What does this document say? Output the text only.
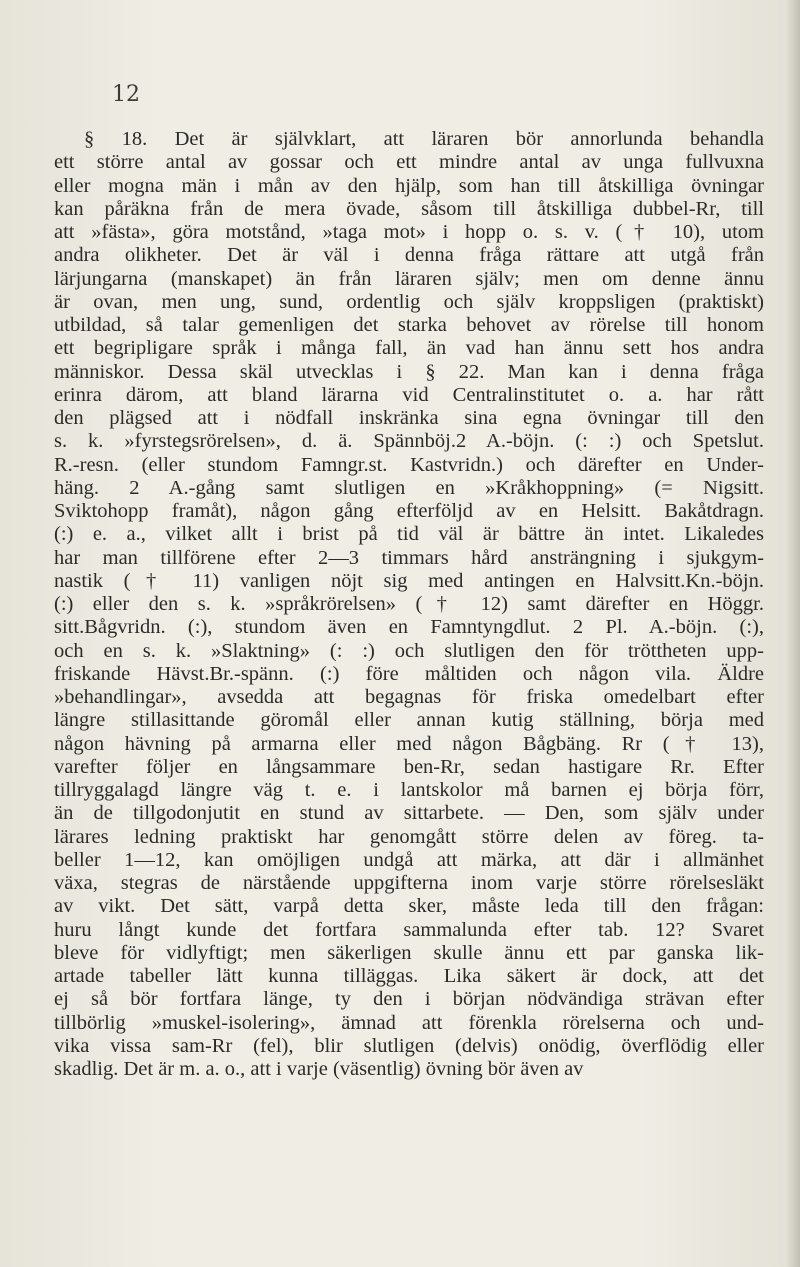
12
§ 18. Det är självklart, att läraren bör annorlunda behandla
ett större antal av gossar och ett mindre antal av unga fullvuxna
eller mogna män i mån av den hjälp, som han till åtskilliga övningar
kan påräkna från de mera övade, såsom till åtskilliga dubbel-Rr, till
att »fästa», göra motstånd, »taga mot» i hopp o. s. v. († 10), utom
andra olikheter. Det är väl i denna fråga rättare att utgå från
lärjungarna (manskapet) än från läraren själv; men om denne ännu
är ovan, men ung, sund, ordentlig och själv kroppsligen (praktiskt)
utbildad, så talar gemenligen det starka behovet av rörelse till honom
ett begripligare språk i många fall, än vad han ännu sett hos andra
människor. Dessa skäl utvecklas i § 22. Man kan i denna fråga
erinra därom, att bland lärarna vid Centralinstitutet o. a. har rått
den plägsed att i nödfall inskränka sina egna övningar till den
s. k. »fyrstegsrörelsen», d. ä. Spännböj.2 A.-böjn. (: :) och Spetslut.
R.-resn. (eller stundom Famngr.st. Kastvridn.) och därefter en Under-
häng. 2 A.-gång samt slutligen en »Kråkhoppning» (= Nigsitt.
Sviktohopp framåt), någon gång efterföljd av en Helsitt. Bakåtdragn.
(:) e. a., vilket allt i brist på tid väl är bättre än intet. Likaledes
har man tillförene efter 2—3 timmars hård ansträngning i sjukgym-
nastik († 11) vanligen nöjt sig med antingen en Halvsitt.Kn.-böjn.
(:) eller den s. k. »språkrörelsen» († 12) samt därefter en Höggr.
sitt.Bågvridn. (:), stundom även en Famntyngdlut. 2 Pl. A.-böjn. (:),
och en s. k. »Slaktning» (: :) och slutligen den för tröttheten upp-
friskande Hävst.Br.-spänn. (:) före måltiden och någon vila. Äldre
»behandlingar», avsedda att begagnas för friska omedelbart efter
längre stillasittande göromål eller annan kutig ställning, börja med
någon hävning på armarna eller med någon Bågbäng. Rr († 13),
varefter följer en långsammare ben-Rr, sedan hastigare Rr. Efter
tillryggalagd längre väg t. e. i lantskolor må barnen ej börja förr,
än de tillgodonjutit en stund av sittarbete. — Den, som själv under
lärares ledning praktiskt har genomgått större delen av föreg. ta-
beller 1—12, kan omöjligen undgå att märka, att där i allmänhet
växa, stegras de närstående uppgifterna inom varje större rörelsesläkt
av vikt. Det sätt, varpå detta sker, måste leda till den frågan:
huru långt kunde det fortfara sammalunda efter tab. 12? Svaret
bleve för vidlyftigt; men säkerligen skulle ännu ett par ganska lik-
artade tabeller lätt kunna tilläggas. Lika säkert är dock, att det
ej så bör fortfara länge, ty den i början nödvändiga strävan efter
tillbörlig »muskel-isolering», ämnad att förenkla rörelserna och und-
vika vissa sam-Rr (fel), blir slutligen (delvis) onödig, överflödig eller
skadlig. Det är m. a. o., att i varje (väsentlig) övning bör även av
